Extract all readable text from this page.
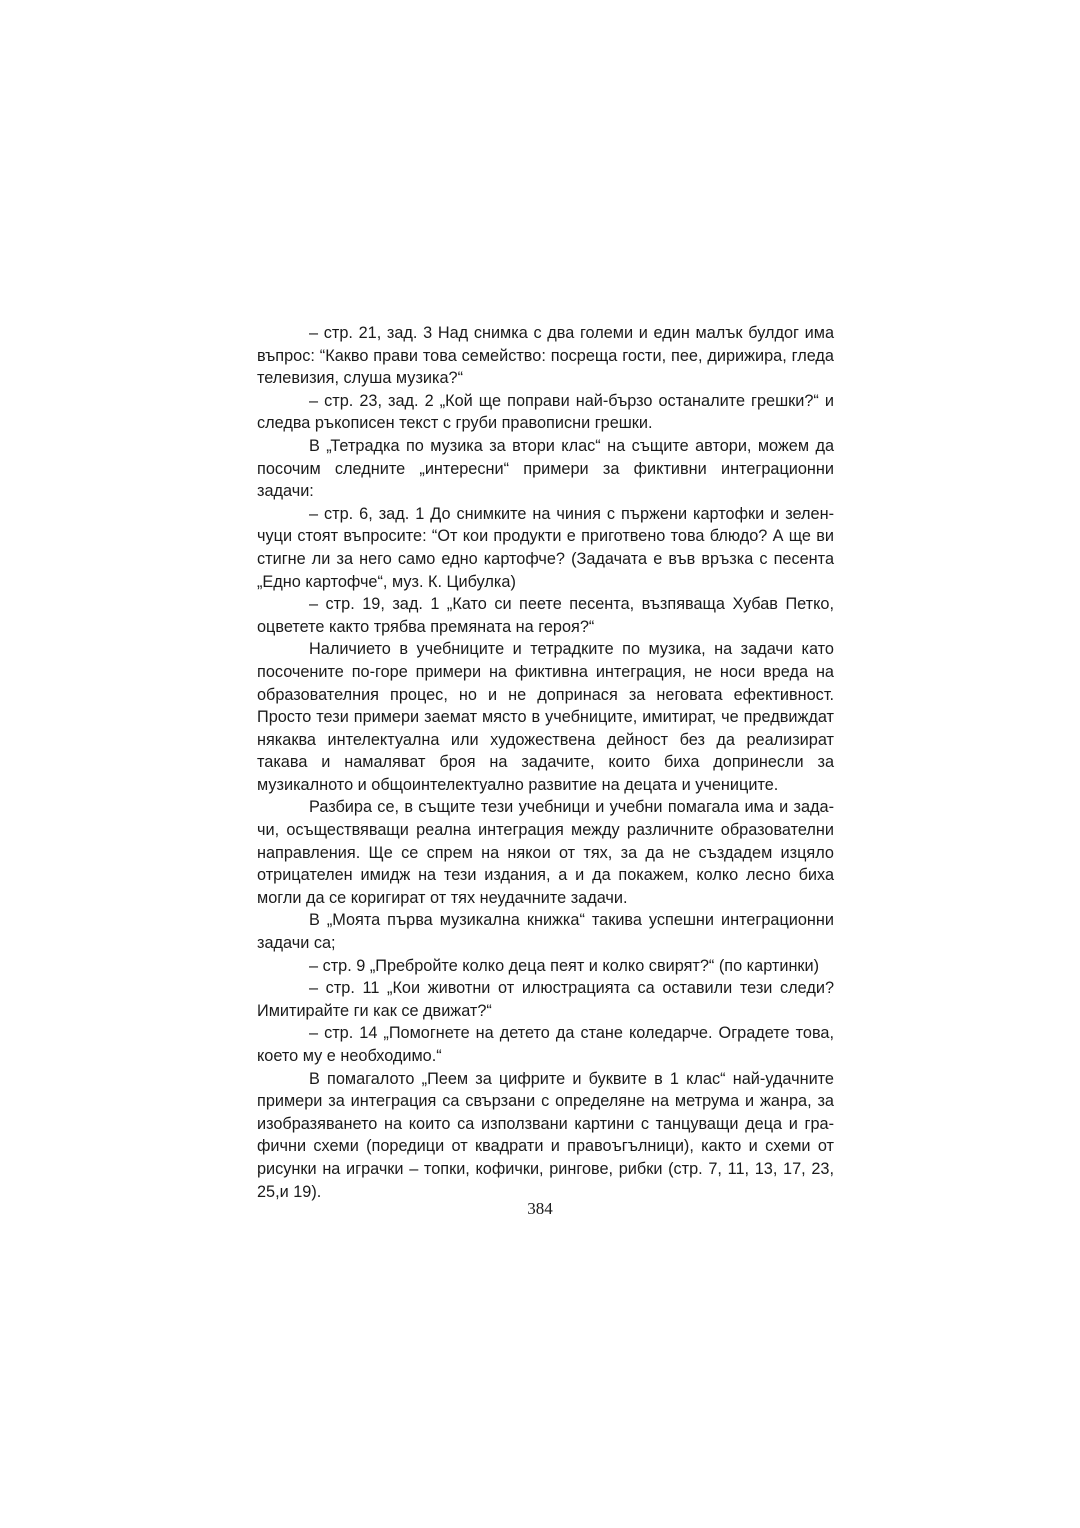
– стр. 21, зад. 3 Над снимка с два големи и един малък булдог има въпрос: “Какво прави това семейство: посреща гости, пее, дирижира, гледа телевизия, слуша музика?“

– стр. 23, зад. 2 „Кой ще поправи най-бързо останалите грешки?“ и следва ръкописен текст с груби правописни грешки.

В „Тетрадка по музика за втори клас“ на същите автори, можем да посочим следните „интересни“ примери за фиктивни интеграционни задачи:

– стр. 6, зад. 1 До снимките на чиния с пържени картофки и зеленчуци стоят въпросите: “От кои продукти е приготвено това блюдо? А ще ви стигне ли за него само едно картофче? (Задачата е във връзка с песента „Едно картофче“, муз. К. Цибулка)

– стр. 19, зад. 1 „Като си пеете песента, възпяваща Хубав Петко, оцветете както трябва премяната на героя?“

Наличието в учебниците и тетрадките по музика, на задачи като посочените по-горе примери на фиктивна интеграция, не носи вреда на образователния процес, но и не допринася за неговата ефективност. Просто тези примери заемат място в учебниците, имитират, че предвиждат някаква интелектуална или художествена дейност без да реализират такава и намаляват броя на задачите, които биха допринесли за музикалното и общоинтелектуално развитие на децата и учениците.

Разбира се, в същите тези учебници и учебни помагала има и задачи, осъществяващи реална интеграция между различните образователни направления. Ще се спрем на някои от тях, за да не създадем изцяло отрицателен имидж на тези издания, а и да покажем, колко лесно биха могли да се коригират от тях неудачните задачи.

В „Моята първа музикална книжка“ такива успешни интеграционни задачи са;

– стр. 9 „Пребройте колко деца пеят и колко свирят?“ (по картинки)

– стр. 11 „Кои животни от илюстрацията са оставили тези следи? Имитирайте ги как се движат?“

– стр. 14 „Помогнете на детето да стане коледарче. Оградете това, което му е необходимо.“

В помагалото „Пеем за цифрите и буквите в 1 клас“ най-удачните примери за интеграция са свързани с определяне на метрума и жанра, за изобразяването на които са използвани картини с танцуващи деца и графични схеми (поредици от квадрати и правоъгълници), както и схеми от рисунки на играчки – топки, кофички, рингове, рибки (стр. 7, 11, 13, 17, 23, 25,и 19).

384
